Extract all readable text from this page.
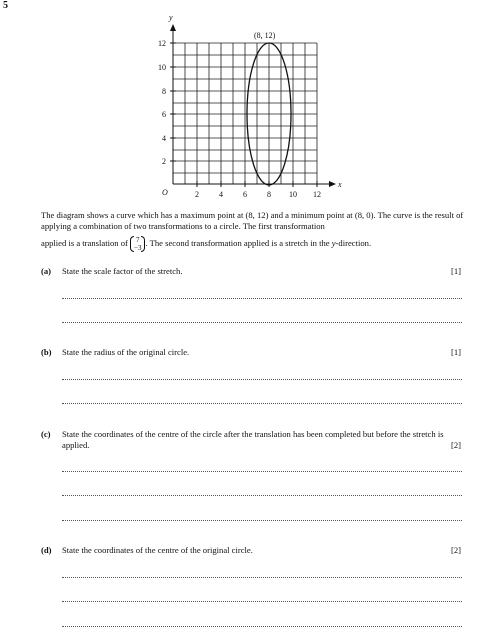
5
y
x
O
(8, 12)
2	4	6	8 10 12
2
4
6
8
10
12
The diagram shows a curve which has a maximum point at (8, 12) and a minimum point at (8, 0). The curve is the result of applying a combination of two transformations to a circle. The first transformation
applied is a translation of 7
−3
. The second transformation applied is a stretch in the y-direction.
(a) State the scale factor of the stretch.	[1]
(b) State the radius of the original circle.	[1]
(c) State the coordinates of the centre of the circle after the translation has been completed but before the stretch is applied.	[2]
(d) State the coordinates of the centre of the original circle.	[2]
